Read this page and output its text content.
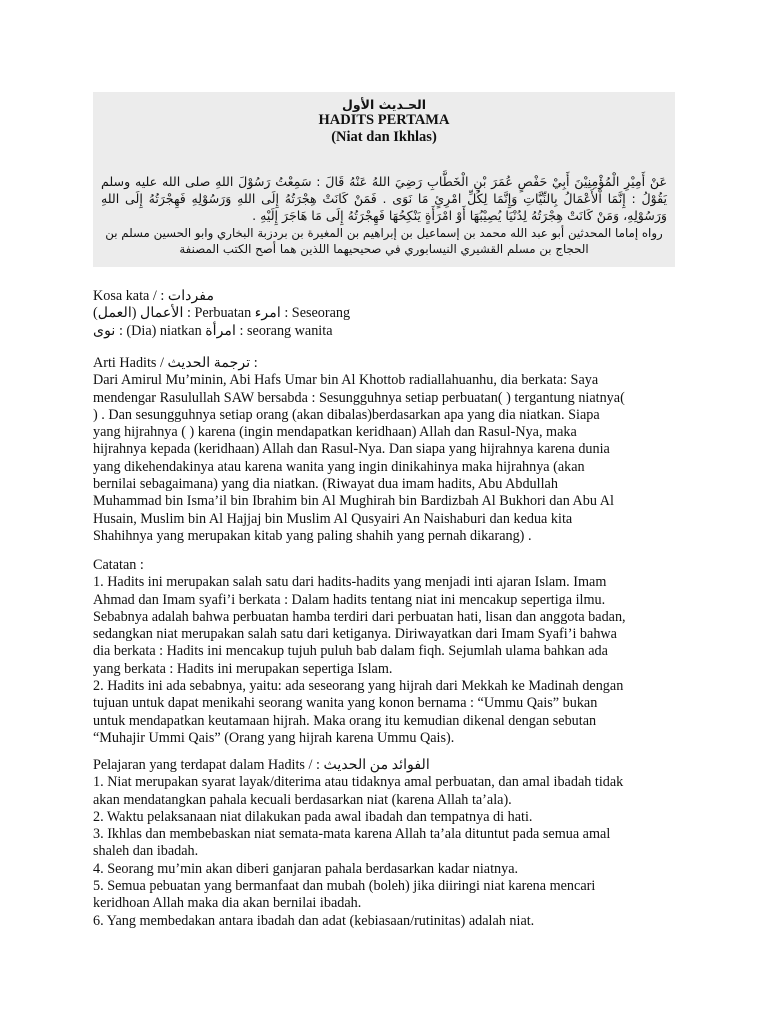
الحـديث الأول
HADITS PERTAMA
(Niat dan Ikhlas)
عَنْ أَمِيْرِ الْمُؤْمِنِيْنَ أَبِيْ حَفْصٍ عُمَرَ بْنِ الْخَطَّابِ رَضِيَ اللهُ عَنْهُ قَالَ : سَمِعْتُ رَسُوْلَ اللهِ صلى الله عليه وسلم يَقُوْلُ : إِنَّمَا اْلأَعْمَالُ بِالنِّيَّاتِ وَإِنَّمَا لِكُلِّ امْرِئٍ مَا نَوَى . فَمَنْ كَانَتْ هِجْرَتُهُ إِلَى اللهِ وَرَسُوْلِهِ فَهِجْرَتُهُ إِلَى اللهِ وَرَسُوْلِهِ، وَمَنْ كَانَتْ هِجْرَتُهُ لِدُنْيَا يُصِيْبُهَا أَوْ امْرَأَةٍ يَنْكِحُهَا فَهِجْرَتُهُ إِلَى مَا هَاجَرَ إِلَيْهِ .
رواه إماما المحدثين أبو عبد الله محمد بن إسماعيل بن إبراهيم بن المغيرة بن بردزبة البخاري وابو الحسين مسلم بن الحجاج بن مسلم القشيري النيسابوري في صحيحيهما اللذين هما أصح الكتب المصنفة

Kosa kata / : مفردات

(الأعمال (العمل : Perbuatan امرء : Seseorang

نوى : (Dia) niatkan امرأة : seorang wanita

Arti Hadits / ترجمة الحديث :

Dari Amirul Mu’minin, Abi Hafs Umar bin Al Khottob radiallahuanhu, dia berkata: Saya

mendengar Rasulullah SAW bersabda : Sesungguhnya setiap perbuatan( ) tergantung niatnya(

) . Dan sesungguhnya setiap orang (akan dibalas)berdasarkan apa yang dia niatkan. Siapa

yang hijrahnya ( ) karena (ingin mendapatkan keridhaan) Allah dan Rasul-Nya, maka

hijrahnya kepada (keridhaan) Allah dan Rasul-Nya. Dan siapa yang hijrahnya karena dunia

yang dikehendakinya atau karena wanita yang ingin dinikahinya maka hijrahnya (akan

bernilai sebagaimana) yang dia niatkan. (Riwayat dua imam hadits, Abu Abdullah

Muhammad bin Isma’il bin Ibrahim bin Al Mughirah bin Bardizbah Al Bukhori dan Abu Al

Husain, Muslim bin Al Hajjaj bin Muslim Al Qusyairi An Naishaburi dan kedua kita

Shahihnya yang merupakan kitab yang paling shahih yang pernah dikarang) .

Catatan :

1. Hadits ini merupakan salah satu dari hadits-hadits yang menjadi inti ajaran Islam. Imam

Ahmad dan Imam syafi’i berkata : Dalam hadits tentang niat ini mencakup sepertiga ilmu.

Sebabnya adalah bahwa perbuatan hamba terdiri dari perbuatan hati, lisan dan anggota badan,

sedangkan niat merupakan salah satu dari ketiganya. Diriwayatkan dari Imam Syafi’i bahwa

dia berkata : Hadits ini mencakup tujuh puluh bab dalam fiqh. Sejumlah ulama bahkan ada

yang berkata : Hadits ini merupakan sepertiga Islam.

2. Hadits ini ada sebabnya, yaitu: ada seseorang yang hijrah dari Mekkah ke Madinah dengan

tujuan untuk dapat menikahi seorang wanita yang konon bernama : “Ummu Qais” bukan

untuk mendapatkan keutamaan hijrah. Maka orang itu kemudian dikenal dengan sebutan

“Muhajir Ummi Qais” (Orang yang hijrah karena Ummu Qais).

Pelajaran yang terdapat dalam Hadits / : الفوائد من الحديث

1. Niat merupakan syarat layak/diterima atau tidaknya amal perbuatan, dan amal ibadah tidak

akan mendatangkan pahala kecuali berdasarkan niat (karena Allah ta’ala).

2. Waktu pelaksanaan niat dilakukan pada awal ibadah dan tempatnya di hati.

3. Ikhlas dan membebaskan niat semata-mata karena Allah ta’ala dituntut pada semua amal

shaleh dan ibadah.

4. Seorang mu’min akan diberi ganjaran pahala berdasarkan kadar niatnya.

5. Semua pebuatan yang bermanfaat dan mubah (boleh) jika diiringi niat karena mencari

keridhoan Allah maka dia akan bernilai ibadah.

6. Yang membedakan antara ibadah dan adat (kebiasaan/rutinitas) adalah niat.
